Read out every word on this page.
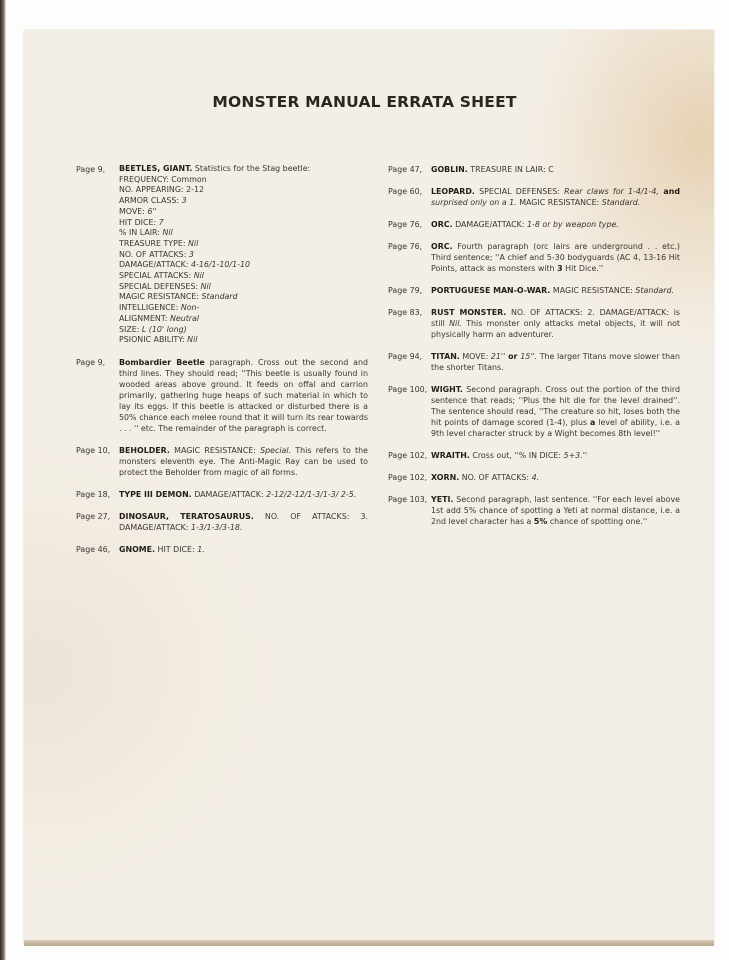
MONSTER MANUAL ERRATA SHEET
Page 9,	BEETLES, GIANT. Statistics for the Stag beetle:
FREQUENCY: Common
NO. APPEARING: 2-12
ARMOR CLASS: 3
MOVE: 6''
HIT DICE: 7
% IN LAIR: Nil
TREASURE TYPE: Nil
NO. OF ATTACKS: 3
DAMAGE/ATTACK: 4-16/1-10/1-10
SPECIAL ATTACKS: Nil
SPECIAL DEFENSES: Nil
MAGIC RESISTANCE: Standard
INTELLIGENCE: Non-
ALIGNMENT: Neutral
SIZE: L (10' long)
PSIONIC ABILITY: Nil
Page 9,	Bombardier Beetle paragraph. Cross out the second and third lines. They should read; ''This beetle is usually found in wooded areas above ground. It feeds on offal and carrion primarily, gathering huge heaps of such material in which to lay its eggs. If this beetle is attacked or disturbed there is a 50% chance each melee round that it will turn its rear towards . . . '' etc. The remainder of the paragraph is correct.
Page 10,	BEHOLDER. MAGIC RESISTANCE: Special. This refers to the monsters eleventh eye. The Anti-Magic Ray can be used to protect the Beholder from magic of all forms.
Page 18,	TYPE III DEMON. DAMAGE/ATTACK: 2-12/2-12/1-3/1-3/ 2-5.
Page 27,	DINOSAUR, TERATOSAURUS. NO. OF ATTACKS: 3. DAMAGE/ATTACK: 1-3/1-3/3-18.
Page 46,	GNOME. HIT DICE: 1.
Page 47,	GOBLIN. TREASURE IN LAIR: C
Page 60,	LEOPARD. SPECIAL DEFENSES: Rear claws for 1-4/1-4, and surprised only on a 1. MAGIC RESISTANCE: Standard.
Page 76,	ORC. DAMAGE/ATTACK: 1-8 or by weapon type.
Page 76,	ORC. Fourth paragraph (orc lairs are underground . . etc.) Third sentence; ''A chief and 5-30 bodyguards (AC 4, 13-16 Hit Points, attack as monsters with 3 Hit Dice.''
Page 79,	PORTUGUESE MAN-O-WAR. MAGIC RESISTANCE: Standard.
Page 83,	RUST MONSTER. NO. OF ATTACKS: 2. DAMAGE/ATTACK: is still Nil. This monster only attacks metal objects, it will not physically harm an adventurer.
Page 94,	TITAN. MOVE: 21'' or 15''. The larger Titans move slower than the shorter Titans.
Page 100, WIGHT. Second paragraph. Cross out the portion of the third sentence that reads; ''Plus the hit die for the level drained''. The sentence should read, ''The creature so hit, loses both the hit points of damage scored (1-4), plus a level of ability, i.e. a 9th level character struck by a Wight becomes 8th level!''
Page 102, WRAITH. Cross out, ''% IN DICE: 5+3.''
Page 102, XORN. NO. OF ATTACKS: 4.
Page 103, YETI. Second paragraph, last sentence. ''For each level above 1st add 5% chance of spotting a Yeti at normal distance, i.e. a 2nd level character has a 5% chance of spotting one.''
